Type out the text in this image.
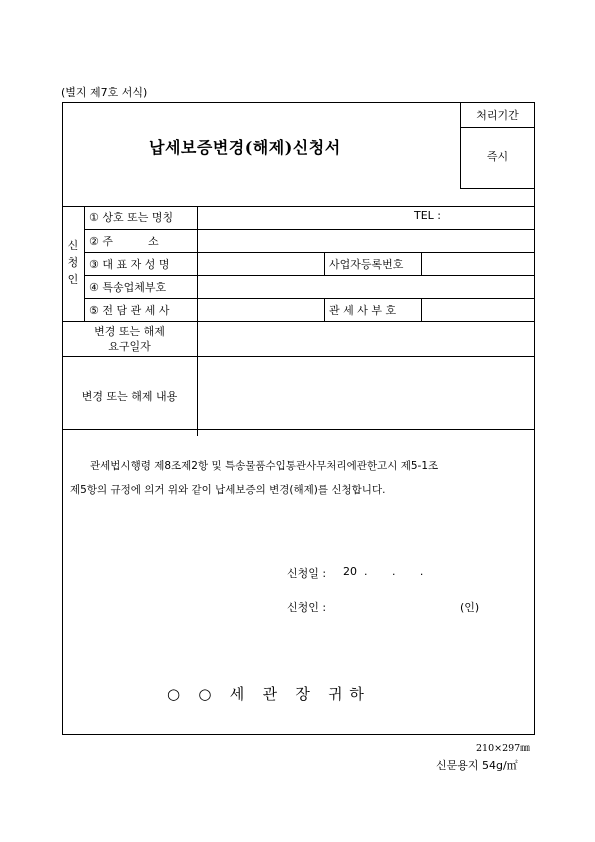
(별지 제7호 서식)
납세보증변경(해제)신청서
처리기간
즉시
신
청
인
① 상호 또는 명칭	TEL :
② 주          소
③ 대 표 자 성 명	사업자등록번호
④ 특송업체부호
⑤ 전 담 관 세 사	관 세 사 부 호
변경 또는 해제
요구일자
변경 또는 해제 내용
관세법시행령 제8조제2항 및 특송물품수입통관사무처리에관한고시 제5-1조
제5항의 규정에 의거 위와 같이 납세보증의 변경(해제)를 신청합니다.
신청일 : 20  .       .       .
신청인 :	(인)
○   ○   세   관   장   귀 하
210×297㎜
신문용지 54g/㎡
